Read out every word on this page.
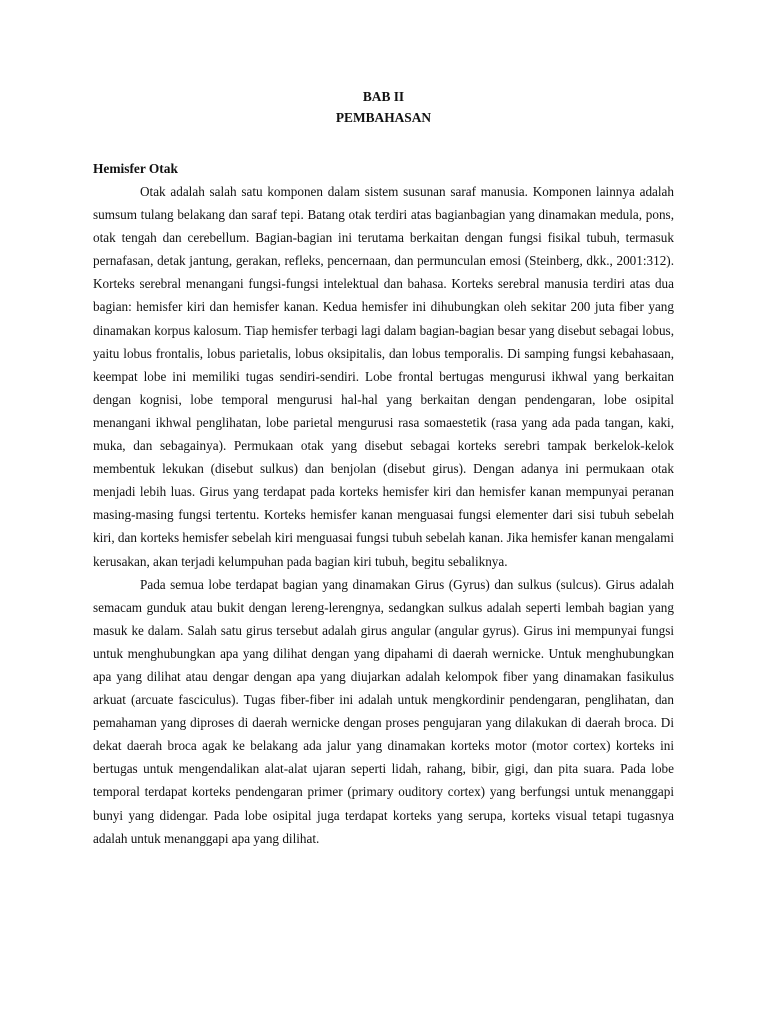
BAB II

PEMBAHASAN

Hemisfer Otak

Otak adalah salah satu komponen dalam sistem susunan saraf manusia. Komponen lainnya adalah sumsum tulang belakang dan saraf tepi. Batang otak terdiri atas bagianbagian yang dinamakan medula, pons, otak tengah dan cerebellum. Bagian-bagian ini terutama berkaitan dengan fungsi fisikal tubuh, termasuk pernafasan, detak jantung, gerakan, refleks, pencernaan, dan permunculan emosi (Steinberg, dkk., 2001:312). Korteks serebral menangani fungsi-fungsi intelektual dan bahasa. Korteks serebral manusia terdiri atas dua bagian: hemisfer kiri dan hemisfer kanan. Kedua hemisfer ini dihubungkan oleh sekitar 200 juta fiber yang dinamakan korpus kalosum. Tiap hemisfer terbagi lagi dalam bagian-bagian besar yang disebut sebagai lobus, yaitu lobus frontalis, lobus parietalis, lobus oksipitalis, dan lobus temporalis. Di samping fungsi kebahasaan, keempat lobe ini memiliki tugas sendiri-sendiri. Lobe frontal bertugas mengurusi ikhwal yang berkaitan dengan kognisi, lobe temporal mengurusi hal-hal yang berkaitan dengan pendengaran, lobe osipital menangani ikhwal penglihatan, lobe parietal mengurusi rasa somaestetik (rasa yang ada pada tangan, kaki, muka, dan sebagainya). Permukaan otak yang disebut sebagai korteks serebri tampak berkelok-kelok membentuk lekukan (disebut sulkus) dan benjolan (disebut girus). Dengan adanya ini permukaan otak menjadi lebih luas. Girus yang terdapat pada korteks hemisfer kiri dan hemisfer kanan mempunyai peranan masing-masing fungsi tertentu. Korteks hemisfer kanan menguasai fungsi elementer dari sisi tubuh sebelah kiri, dan korteks hemisfer sebelah kiri menguasai fungsi tubuh sebelah kanan. Jika hemisfer kanan mengalami kerusakan, akan terjadi kelumpuhan pada bagian kiri tubuh, begitu sebaliknya.

Pada semua lobe terdapat bagian yang dinamakan Girus (Gyrus) dan sulkus (sulcus). Girus adalah semacam gunduk atau bukit dengan lereng-lerengnya, sedangkan sulkus adalah seperti lembah bagian yang masuk ke dalam. Salah satu girus tersebut adalah girus angular (angular gyrus). Girus ini mempunyai fungsi untuk menghubungkan apa yang dilihat dengan yang dipahami di daerah wernicke. Untuk menghubungkan apa yang dilihat atau dengar dengan apa yang diujarkan adalah kelompok fiber yang dinamakan fasikulus arkuat (arcuate fasciculus). Tugas fiber-fiber ini adalah untuk mengkordinir pendengaran, penglihatan, dan pemahaman yang diproses di daerah wernicke dengan proses pengujaran yang dilakukan di daerah broca. Di dekat daerah broca agak ke belakang ada jalur yang dinamakan korteks motor (motor cortex) korteks ini bertugas untuk mengendalikan alat-alat ujaran seperti lidah, rahang, bibir, gigi, dan pita suara. Pada lobe temporal terdapat korteks pendengaran primer (primary ouditory cortex) yang berfungsi untuk menanggapi bunyi yang didengar. Pada lobe osipital juga terdapat korteks yang serupa, korteks visual tetapi tugasnya adalah untuk menanggapi apa yang dilihat.
